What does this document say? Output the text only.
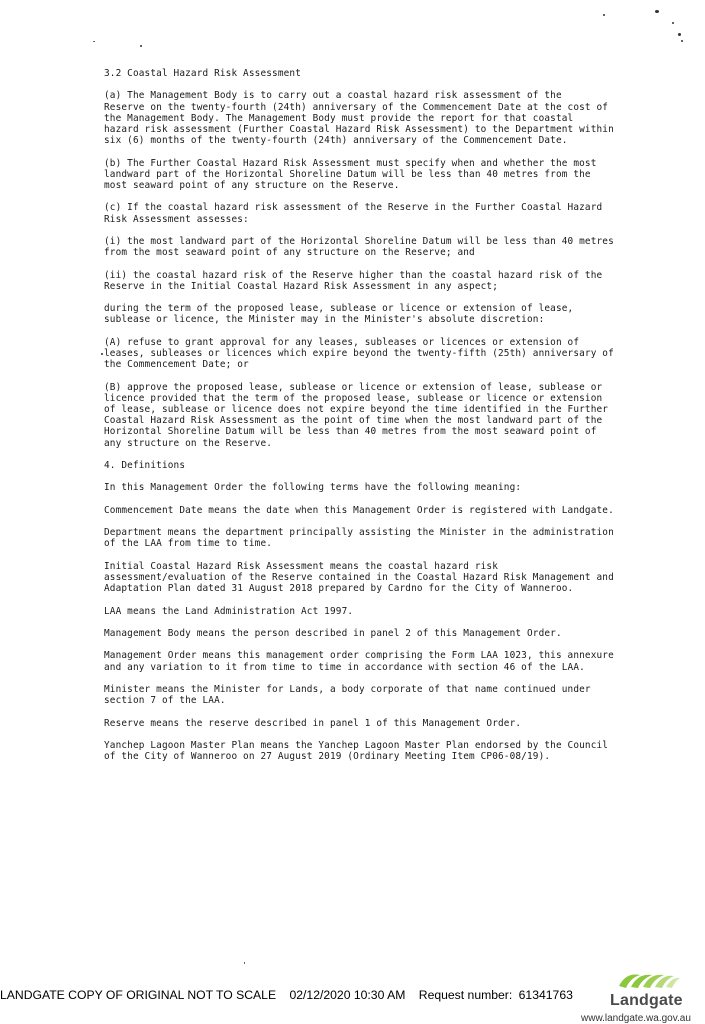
3.2 Coastal Hazard Risk Assessment

(a) The Management Body is to carry out a coastal hazard risk assessment of the
Reserve on the twenty-fourth (24th) anniversary of the Commencement Date at the cost of
the Management Body. The Management Body must provide the report for that coastal
hazard risk assessment (Further Coastal Hazard Risk Assessment) to the Department within
six (6) months of the twenty-fourth (24th) anniversary of the Commencement Date.

(b) The Further Coastal Hazard Risk Assessment must specify when and whether the most
landward part of the Horizontal Shoreline Datum will be less than 40 metres from the
most seaward point of any structure on the Reserve.

(c) If the coastal hazard risk assessment of the Reserve in the Further Coastal Hazard
Risk Assessment assesses:

(i) the most landward part of the Horizontal Shoreline Datum will be less than 40 metres
from the most seaward point of any structure on the Reserve; and

(ii) the coastal hazard risk of the Reserve higher than the coastal hazard risk of the
Reserve in the Initial Coastal Hazard Risk Assessment in any aspect;

during the term of the proposed lease, sublease or licence or extension of lease,
sublease or licence, the Minister may in the Minister's absolute discretion:

(A) refuse to grant approval for any leases, subleases or licences or extension of
leases, subleases or licences which expire beyond the twenty-fifth (25th) anniversary of
the Commencement Date; or

(B) approve the proposed lease, sublease or licence or extension of lease, sublease or
licence provided that the term of the proposed lease, sublease or licence or extension
of lease, sublease or licence does not expire beyond the time identified in the Further
Coastal Hazard Risk Assessment as the point of time when the most landward part of the
Horizontal Shoreline Datum will be less than 40 metres from the most seaward point of
any structure on the Reserve.

4. Definitions

In this Management Order the following terms have the following meaning:

Commencement Date means the date when this Management Order is registered with Landgate.

Department means the department principally assisting the Minister in the administration
of the LAA from time to time.

Initial Coastal Hazard Risk Assessment means the coastal hazard risk
assessment/evaluation of the Reserve contained in the Coastal Hazard Risk Management and
Adaptation Plan dated 31 August 2018 prepared by Cardno for the City of Wanneroo.

LAA means the Land Administration Act 1997.

Management Body means the person described in panel 2 of this Management Order.

Management Order means this management order comprising the Form LAA 1023, this annexure
and any variation to it from time to time in accordance with section 46 of the LAA.

Minister means the Minister for Lands, a body corporate of that name continued under
section 7 of the LAA.

Reserve means the reserve described in panel 1 of this Management Order.

Yanchep Lagoon Master Plan means the Yanchep Lagoon Master Plan endorsed by the Council
of the City of Wanneroo on 27 August 2019 (Ordinary Meeting Item CP06-08/19).

LANDGATE COPY OF ORIGINAL NOT TO SCALE 02/12/2020 10:30 AM Request number: 61341763	Landgate
www.landgate.wa.gov.au
